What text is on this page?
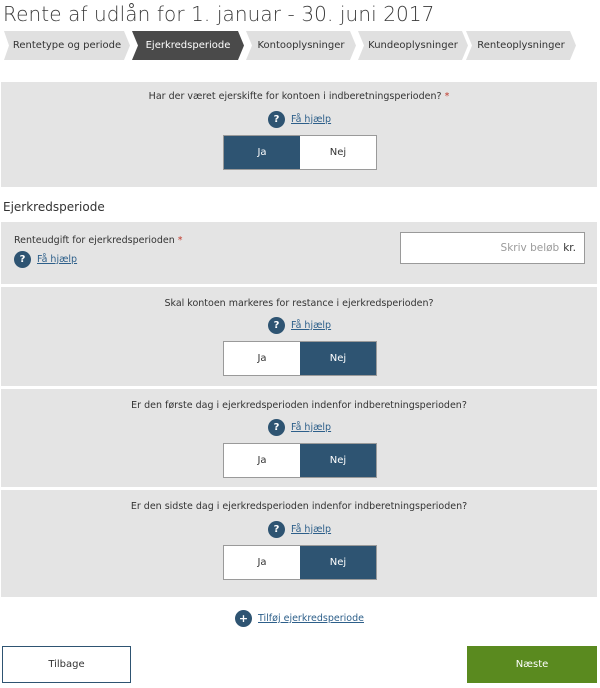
Rente af udlån for 1. januar - 30. juni 2017
Rentetype og periode Ejerkredsperiode	Kontooplysninger Kundeoplysninger Renteoplysninger
Har der været ejerskifte for kontoen i indberetningsperioden? *
?	Få hjælp
Ja	Nej
Ejerkredsperiode
Renteudgift for ejerkredsperioden *
?	Få hjælp
Skriv beløb kr.
Skal kontoen markeres for restance i ejerkredsperioden?
?	Få hjælp
Ja	Nej
Er den første dag i ejerkredsperioden indenfor indberetningsperioden?
?	Få hjælp
Ja	Nej
Er den sidste dag i ejerkredsperioden indenfor indberetningsperioden?
?	Få hjælp
Ja	Nej
+	Tilføj ejerkredsperiode
Tilbage	Næste
